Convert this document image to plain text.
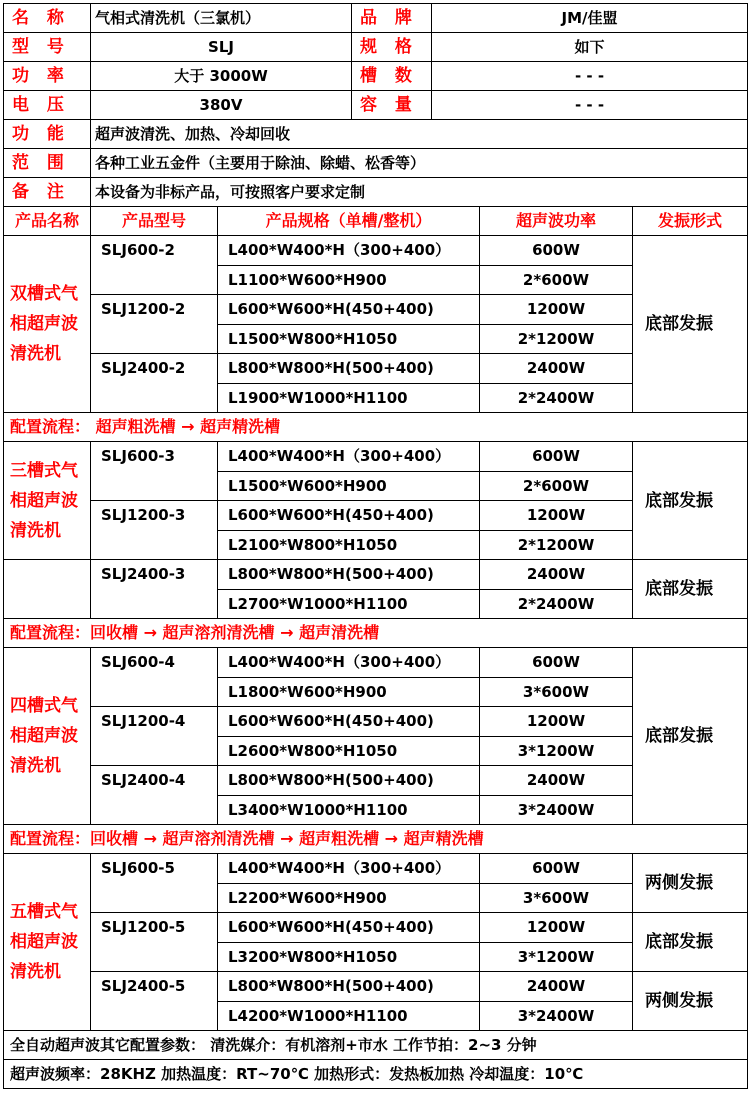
名 称	气相式清洗机（三氯机）	品 牌	JM/佳盟
型 号	SLJ	规 格	如下
功 率	大于 3000W	槽 数	- - -
电 压	380V	容 量	- - -
功 能	超声波清洗、加热、冷却回收		
范 围	各种工业五金件（主要用于除油、除蜡、松香等）		
备 注	本设备为非标产品，可按照客户要求定制		
产品名称	产品型号	产品规格（单槽/整机）	超声波功率	发振形式
双槽式气相超声波清洗机	SLJ600-2	L400*W400*H（300+400）	600W	底部发振
		L1100*W600*H900	2*600W	
	SLJ1200-2	L600*W600*H(450+400)	1200W	
		L1500*W800*H1050	2*1200W	
	SLJ2400-2	L800*W800*H(500+400)	2400W	
		L1900*W1000*H1100	2*2400W	
配置流程： 超声粗洗槽 → 超声精洗槽				
三槽式气相超声波清洗机	SLJ600-3	L400*W400*H（300+400）	600W	底部发振
		L1500*W600*H900	2*600W	
	SLJ1200-3	L600*W600*H(450+400)	1200W	
		L2100*W800*H1050	2*1200W	
	SLJ2400-3	L800*W800*H(500+400)	2400W	底部发振
		L2700*W1000*H1100	2*2400W	
配置流程：回收槽 → 超声溶剂清洗槽 → 超声清洗槽				
四槽式气相超声波清洗机	SLJ600-4	L400*W400*H（300+400）	600W	底部发振
		L1800*W600*H900	3*600W	
	SLJ1200-4	L600*W600*H(450+400)	1200W	
		L2600*W800*H1050	3*1200W	
	SLJ2400-4	L800*W800*H(500+400)	2400W	
		L3400*W1000*H1100	3*2400W	
配置流程：回收槽 → 超声溶剂清洗槽 → 超声粗洗槽 → 超声精洗槽				
五槽式气相超声波清洗机	SLJ600-5	L400*W400*H（300+400）	600W	两侧发振
		L2200*W600*H900	3*600W	
	SLJ1200-5	L600*W600*H(450+400)	1200W	底部发振
		L3200*W800*H1050	3*1200W	
	SLJ2400-5	L800*W800*H(500+400)	2400W	两侧发振
		L4200*W1000*H1100	3*2400W	
全自动超声波其它配置参数： 清洗媒介：有机溶剂+市水 工作节拍：2~3 分钟				
超声波频率：28KHZ 加热温度：RT~70℃ 加热形式：发热板加热 冷却温度：10℃				
